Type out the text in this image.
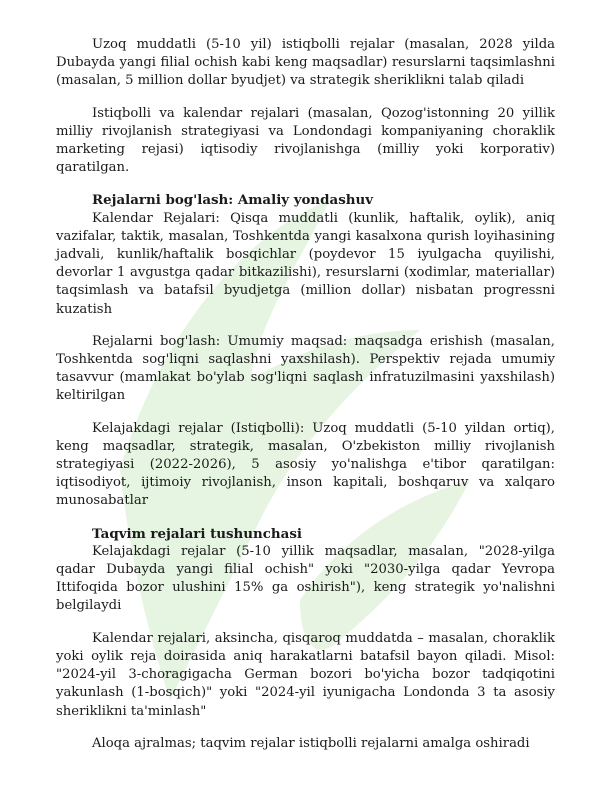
Uzoq muddatli (5-10 yil) istiqbolli rejalar (masalan, 2028 yilda Dubayda yangi filial ochish kabi keng maqsadlar) resurslarni taqsimlashni (masalan, 5 million dollar byudjet) va strategik sheriklikni talab qiladi

Istiqbolli va kalendar rejalari (masalan, Qozog'istonning 20 yillik milliy rivojlanish strategiyasi va Londondagi kompaniyaning choraklik marketing rejasi) iqtisodiy rivojlanishga (milliy yoki korporativ) qaratilgan.

Rejalarni bog'lash: Amaliy yondashuv

Kalendar Rejalari: Qisqa muddatli (kunlik, haftalik, oylik), aniq vazifalar, taktik, masalan, Toshkentda yangi kasalxona qurish loyihasining jadvali, kunlik/haftalik bosqichlar (poydevor 15 iyulgacha quyilishi, devorlar 1 avgustga qadar bitkazilishi), resurslarni (xodimlar, materiallar) taqsimlash va batafsil byudjetga (million dollar) nisbatan progressni kuzatish

Rejalarni bog'lash: Umumiy maqsad: maqsadga erishish (masalan, Toshkentda sog'liqni saqlashni yaxshilash). Perspektiv rejada umumiy tasavvur (mamlakat bo'ylab sog'liqni saqlash infratuzilmasini yaxshilash) keltirilgan

Kelajakdagi rejalar (Istiqbolli): Uzoq muddatli (5-10 yildan ortiq), keng maqsadlar, strategik, masalan, O'zbekiston milliy rivojlanish strategiyasi (2022-2026), 5 asosiy yo'nalishga e'tibor qaratilgan: iqtisodiyot, ijtimoiy rivojlanish, inson kapitali, boshqaruv va xalqaro munosabatlar

Taqvim rejalari tushunchasi

Kelajakdagi rejalar (5-10 yillik maqsadlar, masalan, "2028-yilga qadar Dubayda yangi filial ochish" yoki "2030-yilga qadar Yevropa Ittifoqida bozor ulushini 15% ga oshirish"), keng strategik yo'nalishni belgilaydi

Kalendar rejalari, aksincha, qisqaroq muddatda – masalan, choraklik yoki oylik reja doirasida aniq harakatlarni batafsil bayon qiladi. Misol: "2024-yil 3-choragigacha German bozori bo'yicha bozor tadqiqotini yakunlash (1-bosqich)" yoki "2024-yil iyunigacha Londonda 3 ta asosiy sheriklikni ta'minlash"

Aloqa ajralmas; taqvim rejalar istiqbolli rejalarni amalga oshiradi
